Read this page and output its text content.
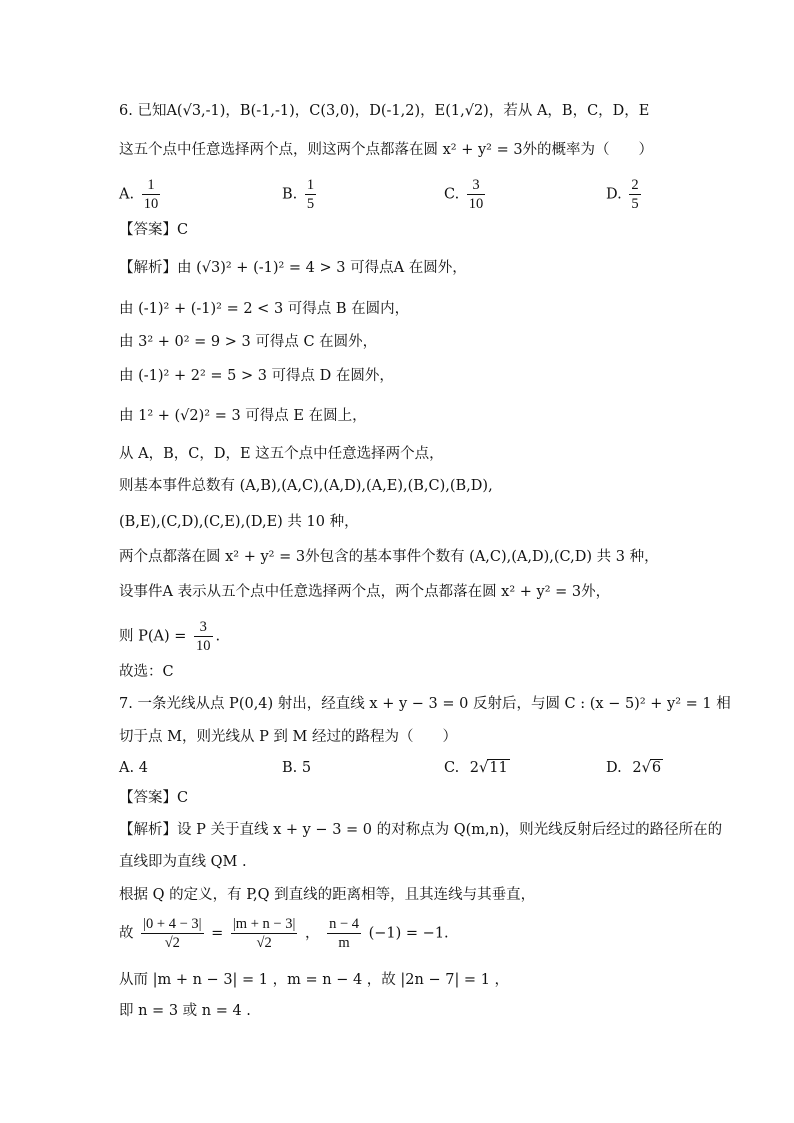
6. 已知A(√3,-1)，B(-1,-1)，C(3,0)，D(-1,2)，E(1,√2)，若从 A，B，C，D，E
这五个点中任意选择两个点，则这两个点都落在圆 x² + y² = 3外的概率为（　　）
A. $\frac{1}{10}$	B. $\frac{1}{5}$	C. $\frac{3}{10}$	D. $\frac{2}{5}$
【答案】C
【解析】由 (√3)² + (-1)² = 4 > 3 可得点A 在圆外，
由 (-1)² + (-1)² = 2 < 3 可得点 B 在圆内，
由 3² + 0² = 9 > 3 可得点 C 在圆外，
由 (-1)² + 2² = 5 > 3 可得点 D 在圆外，
由 1² + (√2)² = 3 可得点 E 在圆上，
从 A，B，C，D，E 这五个点中任意选择两个点，
则基本事件总数有 (A,B),(A,C),(A,D),(A,E),(B,C),(B,D),
(B,E),(C,D),(C,E),(D,E) 共 10 种，
两个点都落在圆 x² + y² = 3外包含的基本事件个数有 (A,C),(A,D),(C,D) 共 3 种，
设事件A 表示从五个点中任意选择两个点，两个点都落在圆 x² + y² = 3外，
则 $P(A) = \frac{3}{10}$ .
故选：C
7. 一条光线从点 P(0,4) 射出，经直线 x + y − 3 = 0 反射后，与圆 C : (x − 5)² + y² = 1 相
切于点 M，则光线从 P 到 M 经过的路程为（　　）
A. 4	B. 5	C. 2√11	D. 2√6
【答案】C
【解析】设 P 关于直线 x + y − 3 = 0 的对称点为 Q(m,n)，则光线反射后经过的路径所在的
直线即为直线 QM .
根据 Q 的定义，有 P,Q 到直线的距离相等，且其连线与其垂直，
故 $\frac{|0 + 4 - 3|}{√2} = \frac{|m + n - 3|}{√2}$ ， $\frac{n - 4}{m} (-1) = -1$.
从而 |m + n − 3| = 1 ，m = n − 4 ，故 |2n − 7| = 1 ，
即 n = 3 或 n = 4 .
